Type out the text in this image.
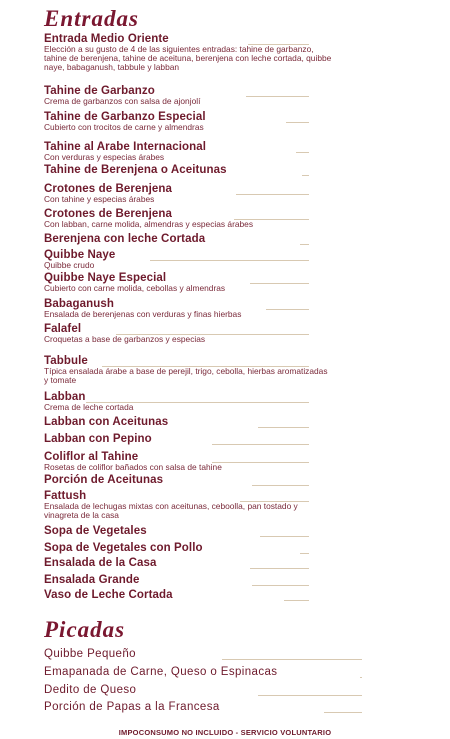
Entradas
Entrada Medio Oriente
Elección a su gusto de 4 de las siguientes entradas: tahine de garbanzo, tahine de berenjena, tahine de aceituna, berenjena con leche cortada, quibbe naye, babaganush, tabbule y labban
Tahine de Garbanzo
Crema de garbanzos con salsa de ajonjolí
Tahine de Garbanzo Especial
Cubierto con trocitos de carne y almendras
Tahine al Arabe Internacional
Con verduras y especias árabes
Tahine de Berenjena o Aceitunas
Crotones de Berenjena
Con tahine y especias árabes
Crotones de Berenjena
Con labban, carne molida, almendras y especias árabes
Berenjena con leche Cortada
Quibbe Naye
Quibbe crudo
Quibbe Naye Especial
Cubierto con carne molida, cebollas y almendras
Babaganush
Ensalada de berenjenas con verduras y finas hierbas
Falafel
Croquetas a base de garbanzos y especias
Tabbule
Típica ensalada árabe a base de perejil, trigo, cebolla, hierbas aromatizadas y tomate
Labban
Crema de leche cortada
Labban con Aceitunas
Labban con Pepino
Coliflor al Tahine
Rosetas de coliflor bañados con salsa de tahine
Porción de Aceitunas
Fattush
Ensalada de lechugas mixtas con aceitunas, ceboolla, pan tostado y vinagreta de la casa
Sopa de Vegetales
Sopa de Vegetales con Pollo
Ensalada de la Casa
Ensalada Grande
Vaso de Leche Cortada
Picadas
Quibbe Pequeño
Emapanada de Carne, Queso o Espinacas
Dedito de Queso
Porción de Papas a la Francesa
IMPOCONSUMO NO INCLUIDO - SERVICIO VOLUNTARIO
